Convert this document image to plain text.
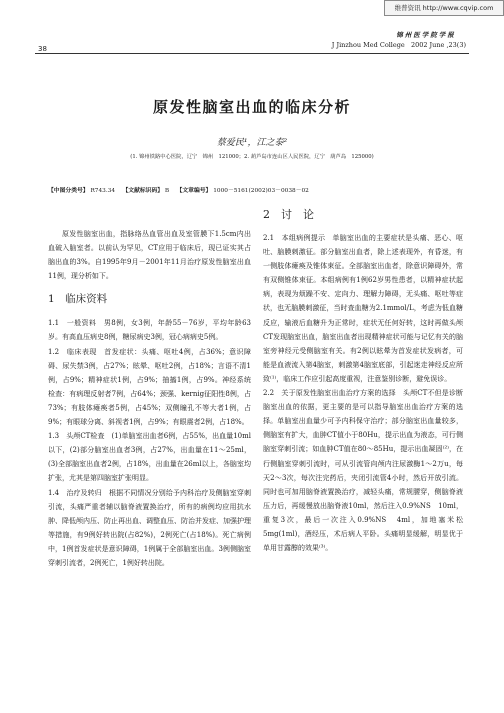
维普资讯 http://www.cqvip.com
38
锦州医学院学报
J Jinzhou Med College 2002 June ,23(3)
原发性脑室出血的临床分析
蔡爱民¹，江之泰²
(1. 锦州铁路中心医院，辽宁　锦州　121000；2. 葫芦岛市连山区人民医院，辽宁　葫芦岛　125000)
【中图分类号】 R743.34 【文献标识码】 B 【文章编号】 1000－5161(2002)03－0038－02

原发性脑室出血，指脉络丛血管出血及室管膜下1.5cm内出血破入脑室者。以前认为罕见，CT应用于临床后，现已证实其占脑出血的3%。自1995年9月－2001年11月治疗原发性脑室出血11例，现分析如下。

1　临床资料

1.1　一般资料　男8例，女3例，年龄55－76岁，平均年龄63岁。有高血压病史8例，糖尿病史3例，冠心病病史5例。

1.2　临床表现　首发症状：头痛、呕吐4例，占36%；意识障碍、尿失禁3例，占27%；眩晕、呕吐2例，占18%；言语不清1例，占9%；精神症状1例，占9%；抽搐1例，占9%。神经系统检查：有病理反射者7例，占64%；颈强、kernig征阳性8例，占73%；有肢体瘫痪者5例，占45%；双侧瞳孔不等大者1例，占9%；有眼球分离、斜视者1例，占9%；有眼震者2例，占18%。

1.3　头颅CT检查　(1)单脑室出血者6例，占55%，出血量10ml以下，(2)部分脑室出血者3例，占27%，出血量在11～25ml，(3)全部脑室出血者2例，占18%，出血量在26ml以上，各脑室均扩张，尤其是第四脑室扩张明显。

1.4　治疗及转归　根据不同情况分别给予内科治疗及侧脑室穿刺引流，头痛严重者辅以脑脊液置换治疗，所有的病例均应用抗水肿、降低颅内压、防止再出血、调整血压、防治并发症、加强护理等措施，有9例好转出院(占82%)，2例死亡(占18%)。死亡病例中，1例首发症状是意识障碍，1例属于全部脑室出血。3例侧脑室穿刺引流者，2例死亡，1例好转出院。

2　讨　论

2.1　本组病例提示　单脑室出血的主要症状是头痛、恶心、呕吐、脑膜刺激征。部分脑室出血者，除上述表现外，有昏迷，有一侧肢体瘫痪及锥体束征。全部脑室出血者，除意识障碍外，常有双侧锥体束征。本组病例有1例62岁男性患者，以精神症状起病，表现为烦躁不安、定向力、理解力障碍，无头痛、呕吐等症状，也无脑膜刺激征，当时查血糖为2.1mmol/L，考虑为低血糖反应，输液后血糖升为正常时，症状无任何好转，这时再做头颅CT发现脑室出血，脑室出血者出现精神症状可能与记忆有关的脑室旁神经元受侧脑室有关。有2例以眩晕为首发症状发病者，可能是血液流入第4脑室，刺激第4脑室底部，引起迷走神经反应所致⁽¹⁾，临床工作应引起高度重视，注意鉴别诊断，避免误诊。

2.2　关于原发性脑室出血治疗方案的选择　头颅CT不但是诊断脑室出血的依据，更主要的是可以指导脑室出血治疗方案的选择。单脑室出血量少可予内科保守治疗；部分脑室出血量较多，侧脑室有扩大，血肿CT值小于80Hu，提示出血为液态，可行侧脑室穿刺引流；如血肿CT值在80～85Hu，提示出血凝固⁽²⁾，在行侧脑室穿刺引流时，可从引流管向颅内注尿激酶1～2万u，每天2～3次，每次注完药后，夹闭引流管4小时，然后开放引流。同时也可加用脑脊液置换治疗，减轻头痛，常规腰穿，侧脑脊液压力后，再缓慢放出脑脊液10ml，然后注入0.9%NS　10ml，重复3次，最后一次注入0.9%NS　4ml，加地塞米松5mg(1ml)，酒经压，术后病人平卧。头痛明显缓解，明显优于单用甘露醇的效果⁽³⁾。
